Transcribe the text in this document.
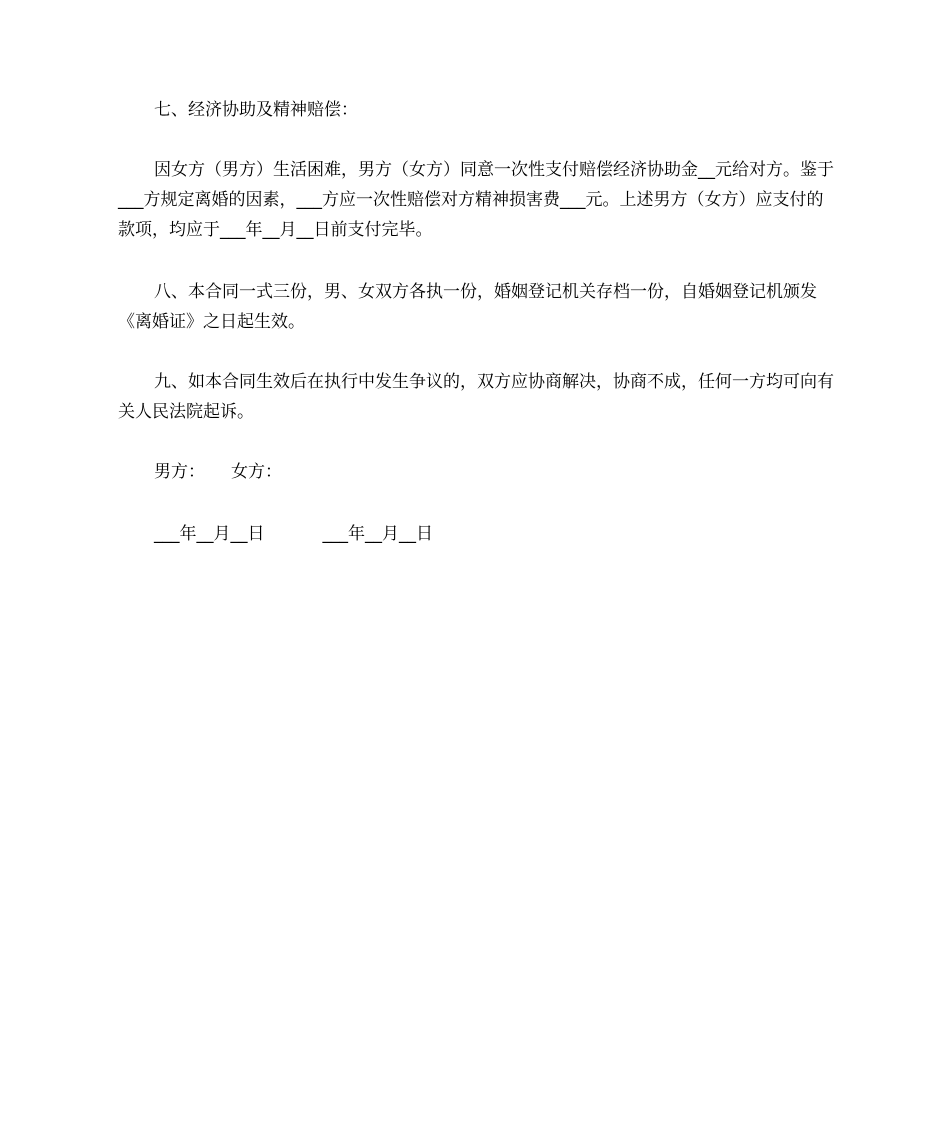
七、经济协助及精神赔偿：

因女方（男方）生活困难，男方（女方）同意一次性支付赔偿经济协助金__元给对方。鉴于___方规定离婚的因素，___方应一次性赔偿对方精神损害费___元。上述男方（女方）应支付的款项，均应于___年__月__日前支付完毕。

八、本合同一式三份，男、女双方各执一份，婚姻登记机关存档一份，自婚姻登记机颁发《离婚证》之日起生效。

九、如本合同生效后在执行中发生争议的，双方应协商解决，协商不成，任何一方均可向有关人民法院起诉。

男方： 女方：
___年__月__日	___年__月__日
